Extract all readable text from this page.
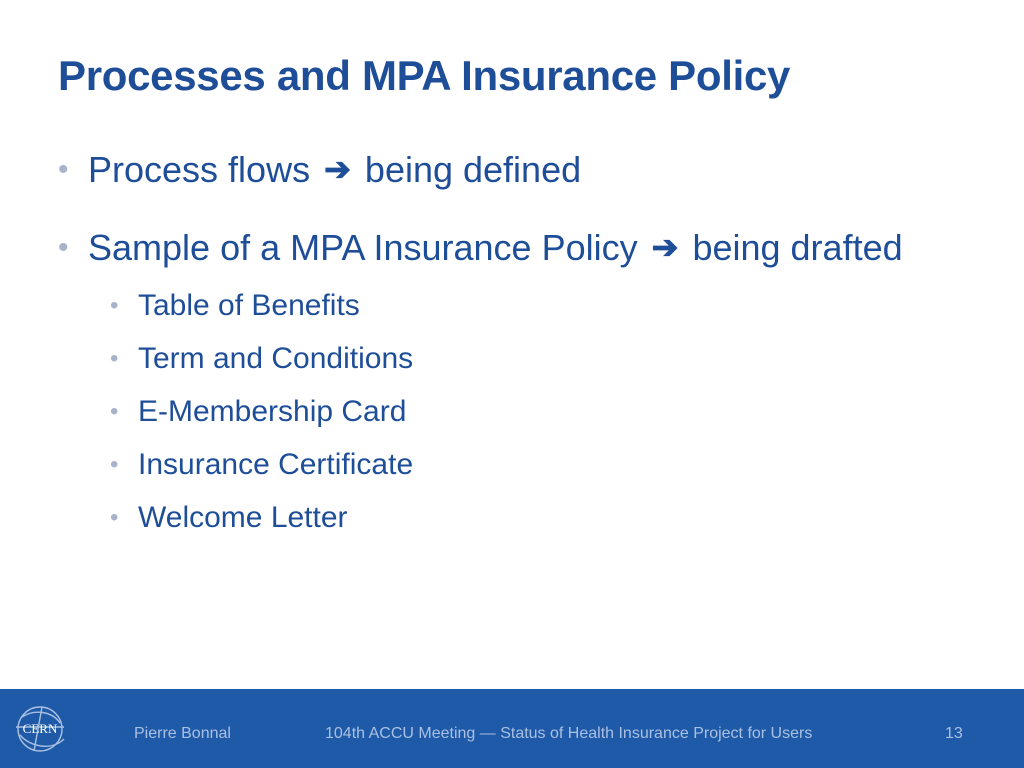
Processes and MPA Insurance Policy
• Process flows ➔ being defined
• Sample of a MPA Insurance Policy ➔ being drafted
• Table of Benefits
• Term and Conditions
• E-Membership Card
• Insurance Certificate
• Welcome Letter
CERN	Pierre Bonnal	104th ACCU Meeting — Status of Health Insurance Project for Users	13
